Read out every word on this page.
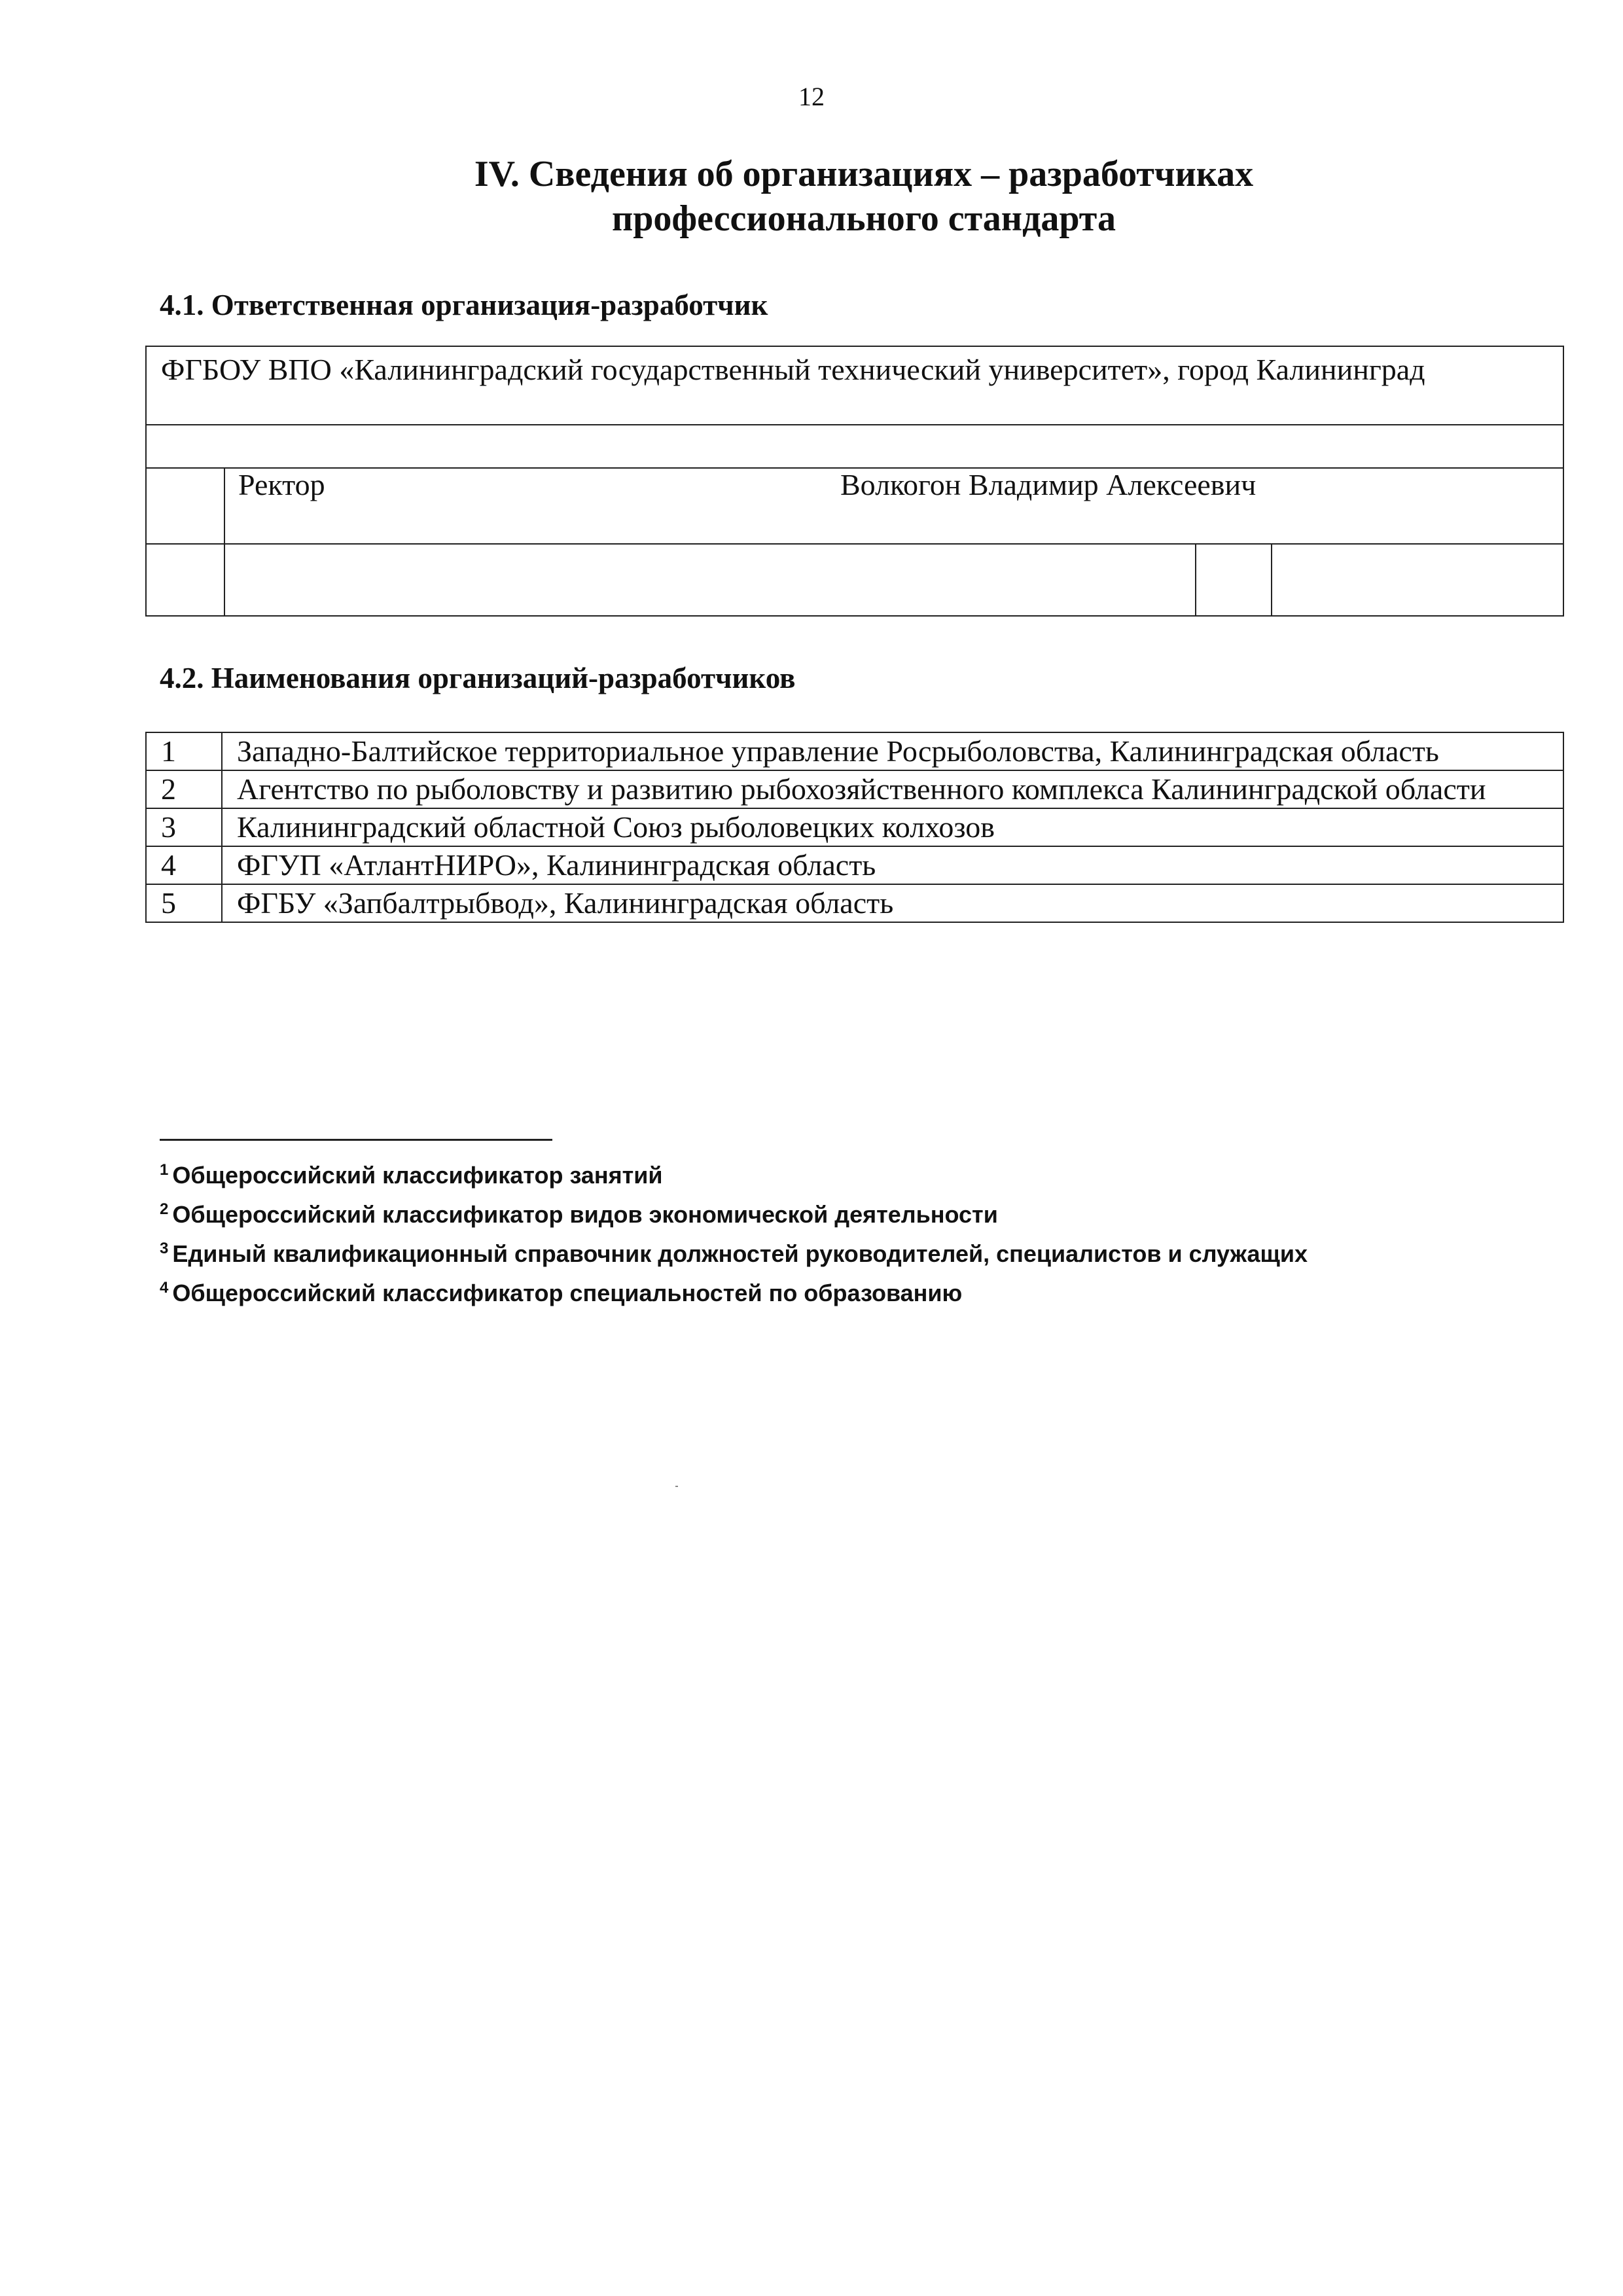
12
IV. Сведения об организациях – разработчиках
профессионального стандарта
4.1. Ответственная организация-разработчик
ФГБОУ ВПО «Калининградский государственный технический университет», город Калининград
Ректор	Волкогон Владимир Алексеевич
4.2. Наименования организаций-разработчиков
1	Западно-Балтийское территориальное управление Росрыболовства, Калининградская область
2	Агентство по рыболовству и развитию рыбохозяйственного комплекса Калининградской области
3	Калининградский областной Союз рыболовецких колхозов
4	ФГУП «АтлантНИРО», Калининградская область
5	ФГБУ «Запбалтрыбвод», Калининградская область
$^1$ Общероссийский классификатор занятий
$^2$ Общероссийский классификатор видов экономической деятельности
$^3$ Единый квалификационный справочник должностей руководителей, специалистов и служащих
$^4$ Общероссийский классификатор специальностей по образованию
